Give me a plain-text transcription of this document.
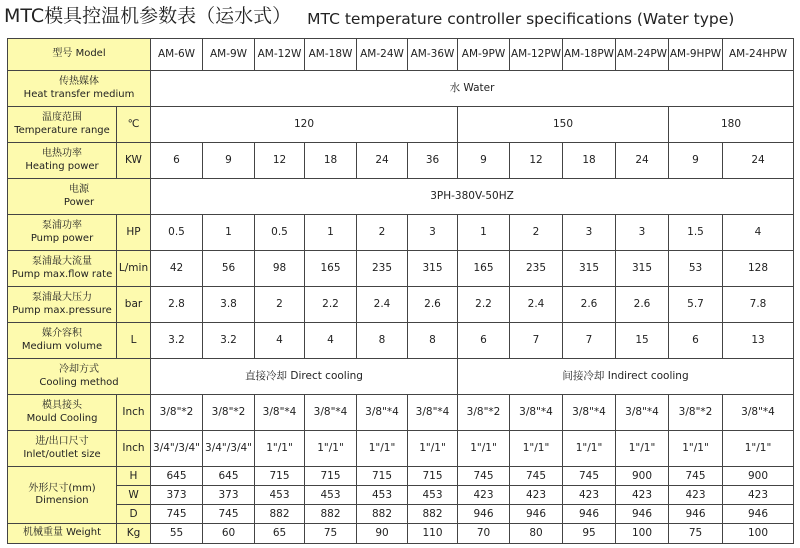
MTC模具控温机参数表（运水式） MTC temperature controller specifications (Water type)
型号 Model		AM-6W	AM-9W	AM-12W	AM-18W	AM-24W	AM-36W	AM-9PW	AM-12PW	AM-18PW	AM-24PW	AM-9HPW	AM-24HPW

传热媒体
Heat transfer medium		水 Water											

温度范围
Temperature range	℃	120						150				180	

电热功率
Heating power	KW	6	9	12	18	24	36	9	12	18	24	9	24

电源
Power		3PH-380V-50HZ											

泵浦功率
Pump power	HP	0.5	1	0.5	1	2	3	1	2	3	3	1.5	4

泵浦最大流量
Pump max.flow rate	L/min	42	56	98	165	235	315	165	235	315	315	53	128

泵浦最大压力
Pump max.pressure	bar	2.8	3.8	2	2.2	2.4	2.6	2.2	2.4	2.6	2.6	5.7	7.8

媒介容积
Medium volume	L	3.2	3.2	4	4	8	8	6	7	7	15	6	13

冷却方式
Cooling method		直接冷却 Direct cooling						间接冷却 Indirect cooling					

模具接头
Mould Cooling	Inch	3/8"*2	3/8"*2	3/8"*4	3/8"*4	3/8"*4	3/8"*4	3/8"*2	3/8"*4	3/8"*4	3/8"*4	3/8"*2	3/8"*4

进/出口尺寸
Inlet/outlet size	Inch	3/4"/3/4"	3/4"/3/4"	1"/1"	1"/1"	1"/1"	1"/1"	1"/1"	1"/1"	1"/1"	1"/1"	1"/1"	1"/1"

外形尺寸(mm)
Dimension	H	645	645	715	715	715	715	745	745	745	900	745	900
	W	373	373	453	453	453	453	423	423	423	423	423	423
	D	745	745	882	882	882	882	946	946	946	946	946	946
机械重量 Weight	Kg	55	60	65	75	90	110	70	80	95	100	75	100
